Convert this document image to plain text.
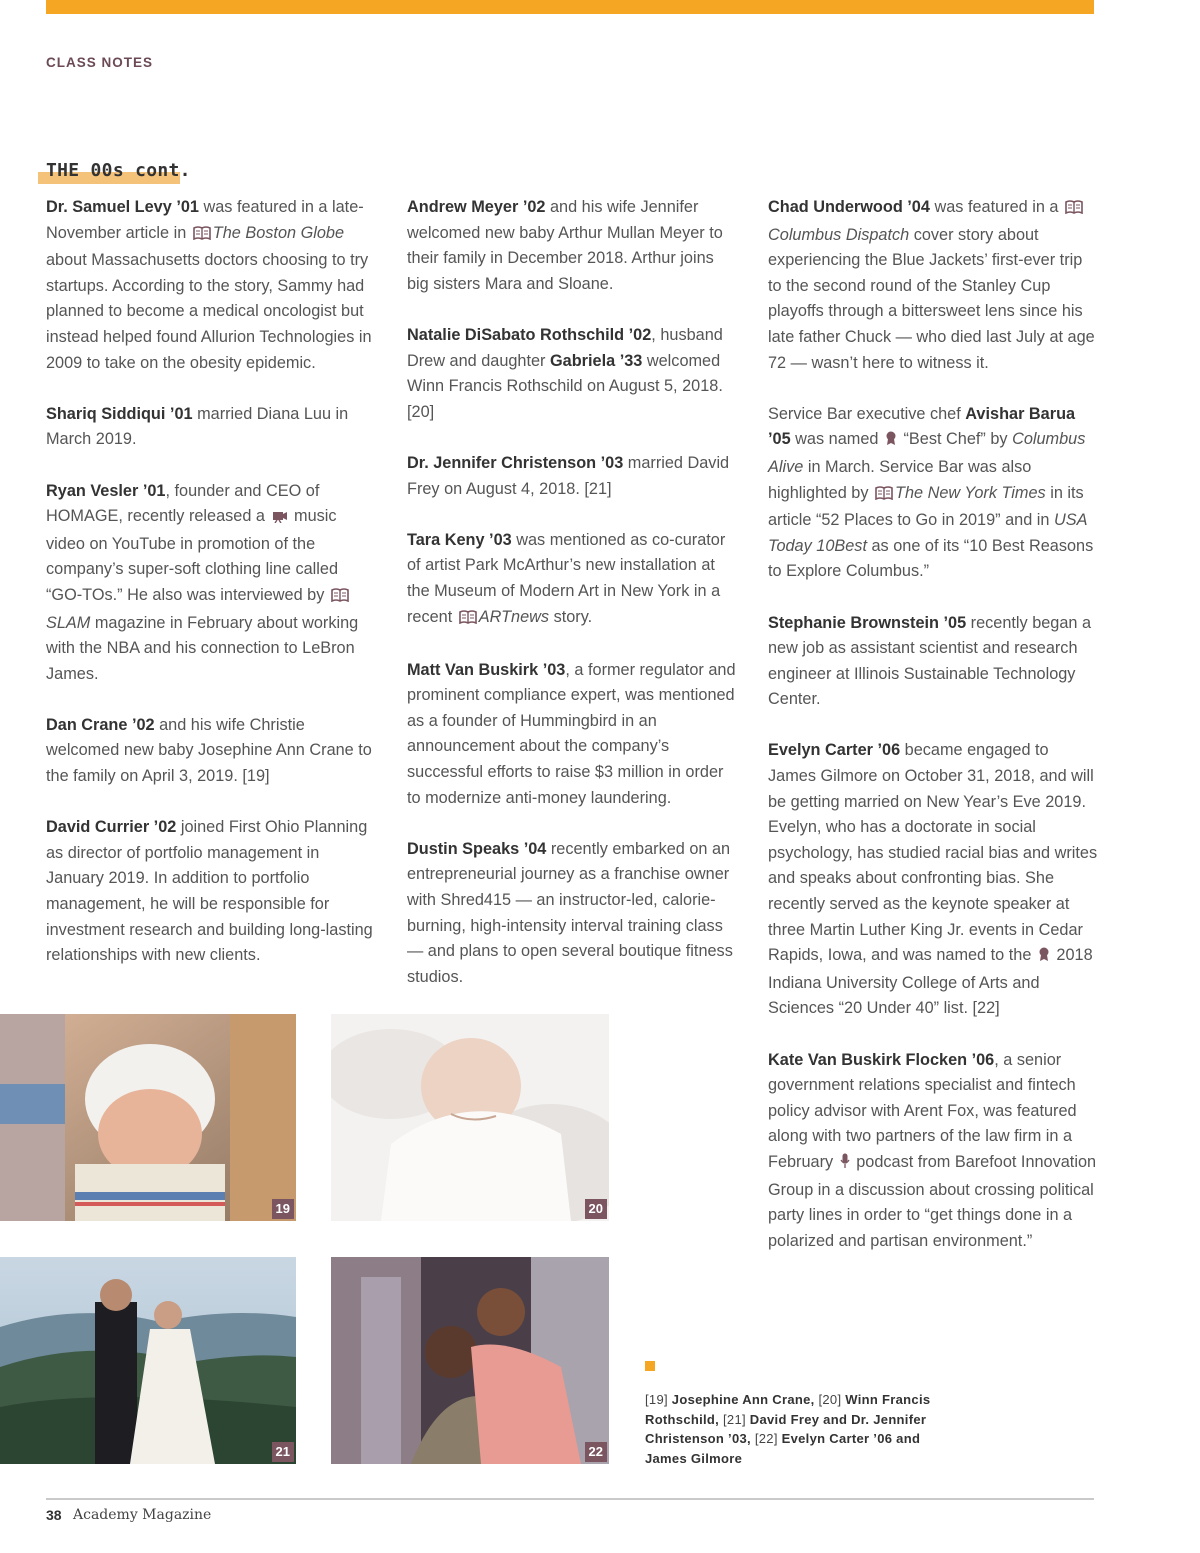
CLASS NOTES
THE 00s cont.

Dr. Samuel Levy ’01 was featured in a late-November article in The Boston Globe about Massachusetts doctors choosing to try startups. According to the story, Sammy had planned to become a medical oncologist but instead helped found Allurion Technologies in 2009 to take on the obesity epidemic.

Shariq Siddiqui ’01 married Diana Luu in March 2019.

Ryan Vesler ’01, founder and CEO of HOMAGE, recently released a  music video on YouTube in promotion of the company’s super-soft clothing line called “GO-TOs.” He also was interviewed by SLAM magazine in February about working with the NBA and his connection to LeBron James.

Dan Crane ’02 and his wife Christie welcomed new baby Josephine Ann Crane to the family on April 3, 2019. [19]

David Currier ’02 joined First Ohio Planning as director of portfolio management in January 2019. In addition to portfolio management, he will be responsible for investment research and building long-lasting relationships with new clients.

Andrew Meyer ’02 and his wife Jennifer welcomed new baby Arthur Mullan Meyer to their family in December 2018. Arthur joins big sisters Mara and Sloane.

Natalie DiSabato Rothschild ’02, husband Drew and daughter Gabriela ’33 welcomed Winn Francis Rothschild on August 5, 2018. [20]

Dr. Jennifer Christenson ’03 married David Frey on August 4, 2018. [21]

Tara Keny ’03 was mentioned as co-curator of artist Park McArthur’s new installation at the Museum of Modern Art in New York in a recent ARTnews story.

Matt Van Buskirk ’03, a former regulator and prominent compliance expert, was mentioned as a founder of Hummingbird in an announcement about the company’s successful efforts to raise $3 million in order to modernize anti-money laundering.

Dustin Speaks ’04 recently embarked on an entrepreneurial journey as a franchise owner with Shred415 — an instructor-led, calorie-burning, high-intensity interval training class — and plans to open several boutique fitness studios.

Chad Underwood ’04 was featured in a Columbus Dispatch cover story about experiencing the Blue Jackets’ first-ever trip to the second round of the Stanley Cup playoffs through a bittersweet lens since his late father Chuck — who died last July at age 72 — wasn’t here to witness it.

Service Bar executive chef Avishar Barua ’05 was named  “Best Chef” by Columbus Alive in March. Service Bar was also highlighted by The New York Times in its article “52 Places to Go in 2019” and in USA Today 10Best as one of its “10 Best Reasons to Explore Columbus.”

Stephanie Brownstein ’05 recently began a new job as assistant scientist and research engineer at Illinois Sustainable Technology Center.

Evelyn Carter ’06 became engaged to James Gilmore on October 31, 2018, and will be getting married on New Year’s Eve 2019. Evelyn, who has a doctorate in social psychology, has studied racial bias and writes and speaks about confronting bias. She recently served as the keynote speaker at three Martin Luther King Jr. events in Cedar Rapids, Iowa, and was named to the  2018 Indiana University College of Arts and Sciences “20 Under 40” list. [22]

Kate Van Buskirk Flocken ’06, a senior government relations specialist and fintech policy advisor with Arent Fox, was featured along with two partners of the law firm in a February  podcast from Barefoot Innovation Group in a discussion about crossing political party lines in order to “get things done in a polarized and partisan environment.”

19	20
21	22
[19] Josephine Ann Crane, [20] Winn Francis Rothschild, [21] David Frey and Dr. Jennifer Christenson ’03, [22] Evelyn Carter ’06 and James Gilmore
38 Academy Magazine
